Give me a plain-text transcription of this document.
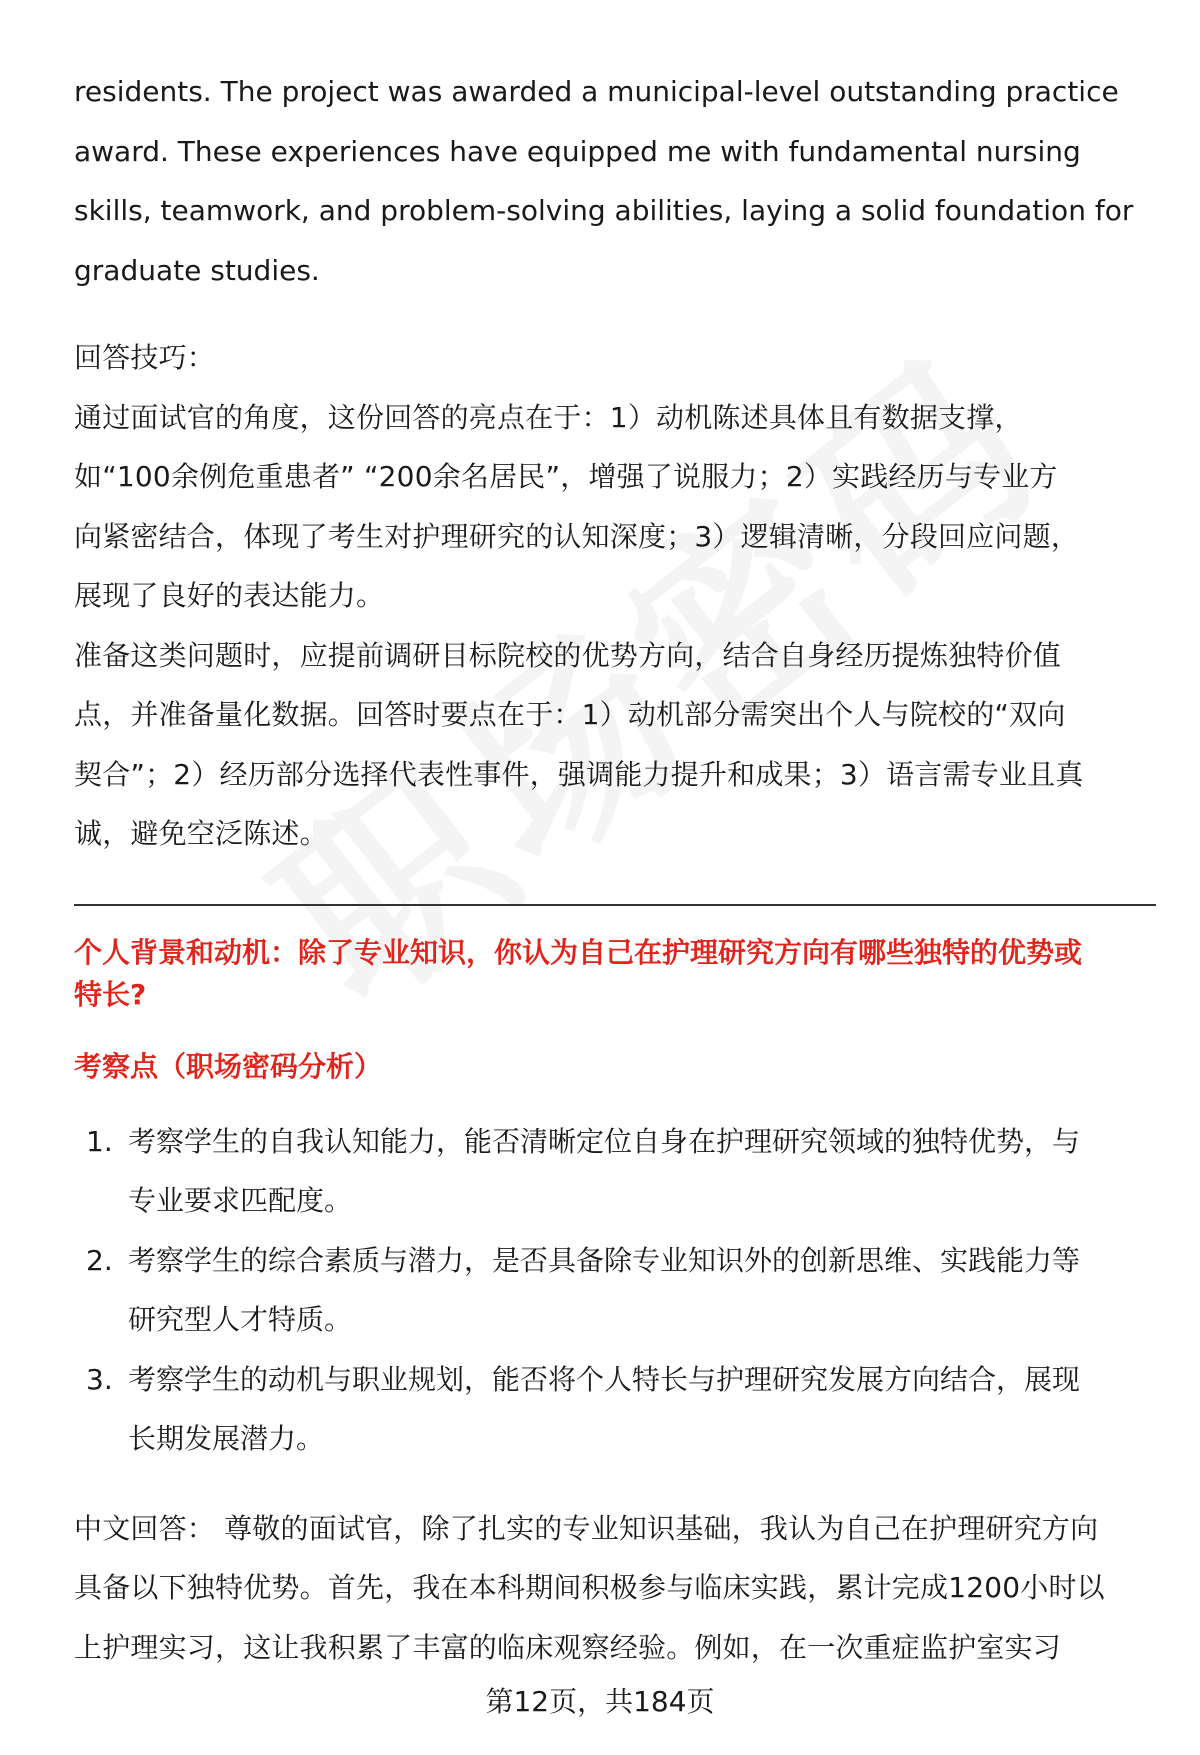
residents. The project was awarded a municipal-level outstanding practice

award. These experiences have equipped me with fundamental nursing

skills, teamwork, and problem-solving abilities, laying a solid foundation for

graduate studies.

回答技巧：

通过面试官的角度，这份回答的亮点在于：1）动机陈述具体且有数据支撑，

如“100余例危重患者” “200余名居民”，增强了说服力；2）实践经历与专业方

向紧密结合，体现了考生对护理研究的认知深度；3）逻辑清晰，分段回应问题，

展现了良好的表达能力。

准备这类问题时，应提前调研目标院校的优势方向，结合自身经历提炼独特价值

点，并准备量化数据。回答时要点在于：1）动机部分需突出个人与院校的“双向

契合”；2）经历部分选择代表性事件，强调能力提升和成果；3）语言需专业且真

诚，避免空泛陈述。

个人背景和动机：除了专业知识，你认为自己在护理研究方向有哪些独特的优势或

特长?

考察点（职场密码分析）

1. 考察学生的自我认知能力，能否清晰定位自身在护理研究领域的独特优势，与
专业要求匹配度。
2. 考察学生的综合素质与潜力，是否具备除专业知识外的创新思维、实践能力等
研究型人才特质。
3. 考察学生的动机与职业规划，能否将个人特长与护理研究发展方向结合，展现
长期发展潜力。

中文回答： 尊敬的面试官，除了扎实的专业知识基础，我认为自己在护理研究方向

具备以下独特优势。首先，我在本科期间积极参与临床实践，累计完成1200小时以

上护理实习，这让我积累了丰富的临床观察经验。例如，在一次重症监护室实习

第12页，共184页
